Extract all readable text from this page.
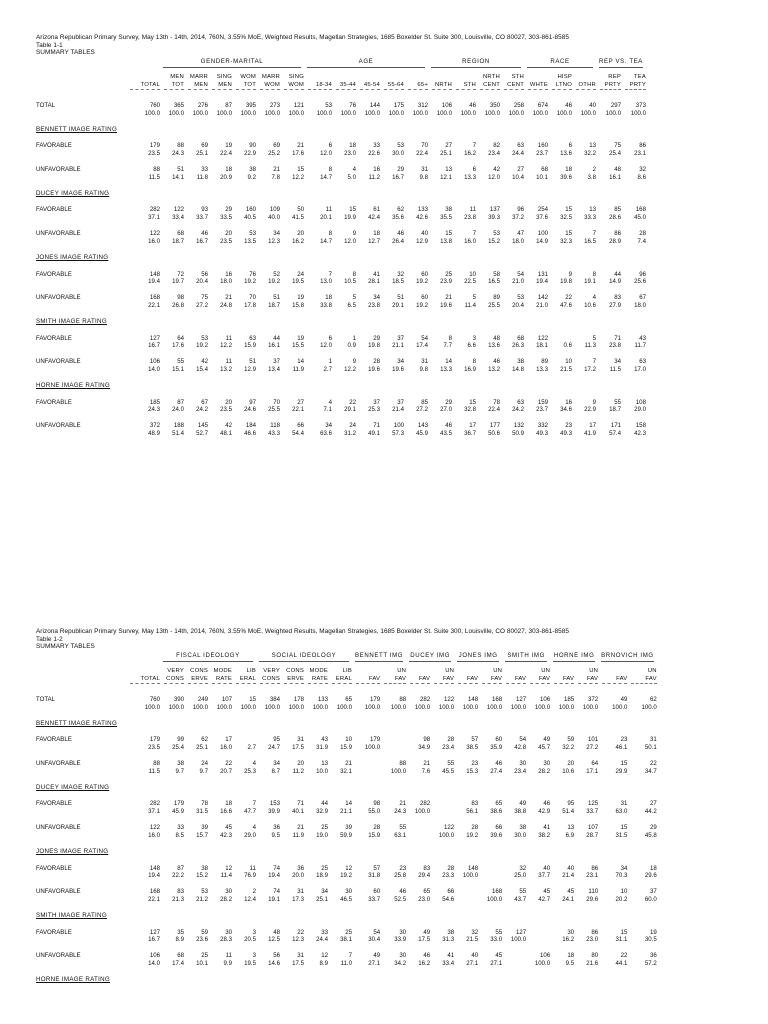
Arizona Republican Primary Survey, May 13th - 14th, 2014, 760N, 3.55% MoE, Weighted Results, Magellan Strategies, 1685 Boxelder St. Suite 300, Louisville, CO 80027, 303-861-8585
Table 1-1
SUMMARY TABLES

		GENDER-MARITAL						AGE					REGION				RACE			REP VS. TEA	

		MEN	MARR	SING	WOM	MARR	SING								NRTH	STH		HISP		REP	TEA
	TOTAL	TOT	MEN	MEN	TOT	WOM	WOM	18-34	35-44	45-54	55-64	65+	NRTH	STH	CENT	CENT	WHTE	LTNO	OTHR	PRTY	PRTY

TOTAL	760	365	276	87	395	273	121	53	76	144	175	312	106	46	350	258	674	46	40	297	373
	100.0	100.0	100.0	100.0	100.0	100.0	100.0	100.0	100.0	100.0	100.0	100.0	100.0	100.0	100.0	100.0	100.0	100.0	100.0	100.0	100.0

BENNETT IMAGE RATING																					

FAVORABLE	179	88	69	19	90	69	21	6	18	33	53	70	27	7	82	63	160	6	13	75	86
	23.5	24.3	25.1	22.4	22.9	25.2	17.6	12.0	23.0	22.6	30.0	22.4	25.1	16.2	23.4	24.4	23.7	13.6	32.2	25.4	23.1

UNFAVORABLE	88	51	33	18	38	21	15	8	4	16	29	31	13	6	42	27	68	18	2	48	32
	11.5	14.1	11.8	20.9	9.2	7.8	12.2	14.7	5.0	11.2	16.7	9.8	12.1	13.3	12.0	10.4	10.1	39.6	3.8	16.1	8.6

DUCEY IMAGE RATING																					

FAVORABLE	282	122	93	29	160	109	50	11	15	61	62	133	38	11	137	96	254	15	13	85	168
	37.1	33.4	33.7	33.5	40.5	40.0	41.5	20.1	19.9	42.4	35.6	42.6	35.5	23.8	39.3	37.2	37.6	32.5	33.3	28.6	45.0

UNFAVORABLE	122	68	46	20	53	34	20	8	9	18	46	40	15	7	53	47	100	15	7	86	28
	16.0	18.7	16.7	23.5	13.5	12.3	16.2	14.7	12.0	12.7	26.4	12.9	13.8	16.0	15.2	18.0	14.9	32.3	16.5	28.9	7.4

JONES IMAGE RATING																					

FAVORABLE	148	72	56	16	76	52	24	7	8	41	32	60	25	10	58	54	131	9	8	44	96
	19.4	19.7	20.4	18.0	19.2	19.2	19.5	13.0	10.5	28.1	18.5	19.2	23.9	22.5	16.5	21.0	19.4	19.8	19.1	14.9	25.6

UNFAVORABLE	168	98	75	21	70	51	19	18	5	34	51	60	21	5	89	53	142	22	4	83	67
	22.1	26.8	27.2	24.8	17.8	18.7	15.8	33.8	6.5	23.8	29.1	19.2	19.6	11.4	25.5	20.4	21.0	47.6	10.6	27.9	18.0

SMITH IMAGE RATING																					

FAVORABLE	127	64	53	11	63	44	19	6	1	29	37	54	8	3	48	68	122		5	71	43
	16.7	17.6	19.2	12.2	15.9	16.1	15.5	12.0	0.9	19.8	21.1	17.4	7.7	6.6	13.6	26.3	18.1	0.6	11.3	23.8	11.7

UNFAVORABLE	106	55	42	11	51	37	14	1	9	28	34	31	14	8	46	38	89	10	7	34	63
	14.0	15.1	15.4	13.2	12.9	13.4	11.9	2.7	12.2	19.6	19.6	9.8	13.3	16.9	13.2	14.8	13.3	21.5	17.2	11.5	17.0

HORNE IMAGE RATING																					

FAVORABLE	185	87	67	20	97	70	27	4	22	37	37	85	29	15	78	63	159	16	9	55	108
	24.3	24.0	24.2	23.5	24.6	25.5	22.1	7.1	29.1	25.3	21.4	27.2	27.0	32.8	22.4	24.2	23.7	34.6	22.9	18.7	29.0

UNFAVORABLE	372	188	145	42	184	118	66	34	24	71	100	143	46	17	177	132	332	23	17	171	158
	48.9	51.4	52.7	48.1	46.6	43.3	54.4	63.6	31.2	49.1	57.3	45.9	43.5	36.7	50.6	50.9	49.3	49.3	41.9	57.4	42.3
Arizona Republican Primary Survey, May 13th - 14th, 2014, 760N, 3.55% MoE, Weighted Results, Magellan Strategies, 1685 Boxelder St. Suite 300, Louisville, CO 80027, 303-861-8585
Table 1-2
SUMMARY TABLES

		FISCAL IDEOLOGY				SOCIAL IDEOLOGY				BENNETT IMG		DUCEY IMG		JONES IMG		SMITH IMG		HORNE IMG		BRNOVICH IMG	

		VERY	CONS	MODE	LIB	VERY	CONS	MODE	LIB		UN		UN		UN		UN		UN		UN
	TOTAL	CONS	ERVE	RATE	ERAL	CONS	ERVE	RATE	ERAL	FAV	FAV	FAV	FAV	FAV	FAV	FAV	FAV	FAV	FAV	FAV	FAV

TOTAL	760	390	249	107	15	384	178	133	65	179	88	282	122	148	168	127	106	185	372	49	62
	100.0	100.0	100.0	100.0	100.0	100.0	100.0	100.0	100.0	100.0	100.0	100.0	100.0	100.0	100.0	100.0	100.0	100.0	100.0	100.0	100.0

BENNETT IMAGE RATING																					

FAVORABLE	179	99	62	17		95	31	43	10	179		98	28	57	60	54	49	59	101	23	31
	23.5	25.4	25.1	16.0	2.7	24.7	17.5	31.9	15.9	100.0		34.9	23.4	38.5	35.9	42.8	45.7	32.2	27.2	46.1	50.1

UNFAVORABLE	88	38	24	22	4	34	20	13	21		88	21	55	23	46	30	30	20	64	15	22
	11.5	9.7	9.7	20.7	25.3	8.7	11.2	10.0	32.1		100.0	7.6	45.5	15.3	27.4	23.4	28.2	10.6	17.1	29.9	34.7

DUCEY IMAGE RATING																					

FAVORABLE	282	179	78	18	7	153	71	44	14	98	21	282		83	65	49	46	95	125	31	27
	37.1	45.9	31.5	16.6	47.7	39.9	40.1	32.9	21.1	55.0	24.3	100.0		56.1	38.6	38.8	42.9	51.4	33.7	63.0	44.2

UNFAVORABLE	122	33	39	45	4	36	21	25	39	28	55		122	28	66	38	41	13	107	15	29
	16.0	8.5	15.7	42.3	29.0	9.5	11.9	19.0	59.9	15.9	63.1		100.0	19.2	39.6	30.0	38.2	6.9	28.7	31.5	45.8

JONES IMAGE RATING																					

FAVORABLE	148	87	38	12	11	74	36	25	12	57	23	83	28	148		32	40	40	86	34	18
	19.4	22.2	15.2	11.4	76.9	19.4	20.0	18.9	19.2	31.8	25.8	29.4	23.3	100.0		25.0	37.7	21.4	23.1	70.3	29.6

UNFAVORABLE	168	83	53	30	2	74	31	34	30	60	46	65	66		168	55	45	45	110	10	37
	22.1	21.3	21.2	28.2	12.4	19.1	17.3	25.1	46.5	33.7	52.5	23.0	54.6		100.0	43.7	42.7	24.1	29.6	20.2	60.0

SMITH IMAGE RATING																					

FAVORABLE	127	35	59	30	3	48	22	33	25	54	30	49	38	32	55	127		30	86	15	19
	16.7	8.9	23.6	28.3	20.5	12.5	12.3	24.4	38.1	30.4	33.9	17.5	31.3	21.5	33.0	100.0		16.2	23.0	31.1	30.5

UNFAVORABLE	106	68	25	11	3	56	31	12	7	49	30	46	41	40	45		106	18	80	22	36
	14.0	17.4	10.1	9.9	19.5	14.6	17.5	8.9	11.0	27.1	34.2	16.2	33.4	27.1	27.1		100.0	9.5	21.6	44.1	57.2

HORNE IMAGE RATING																					
